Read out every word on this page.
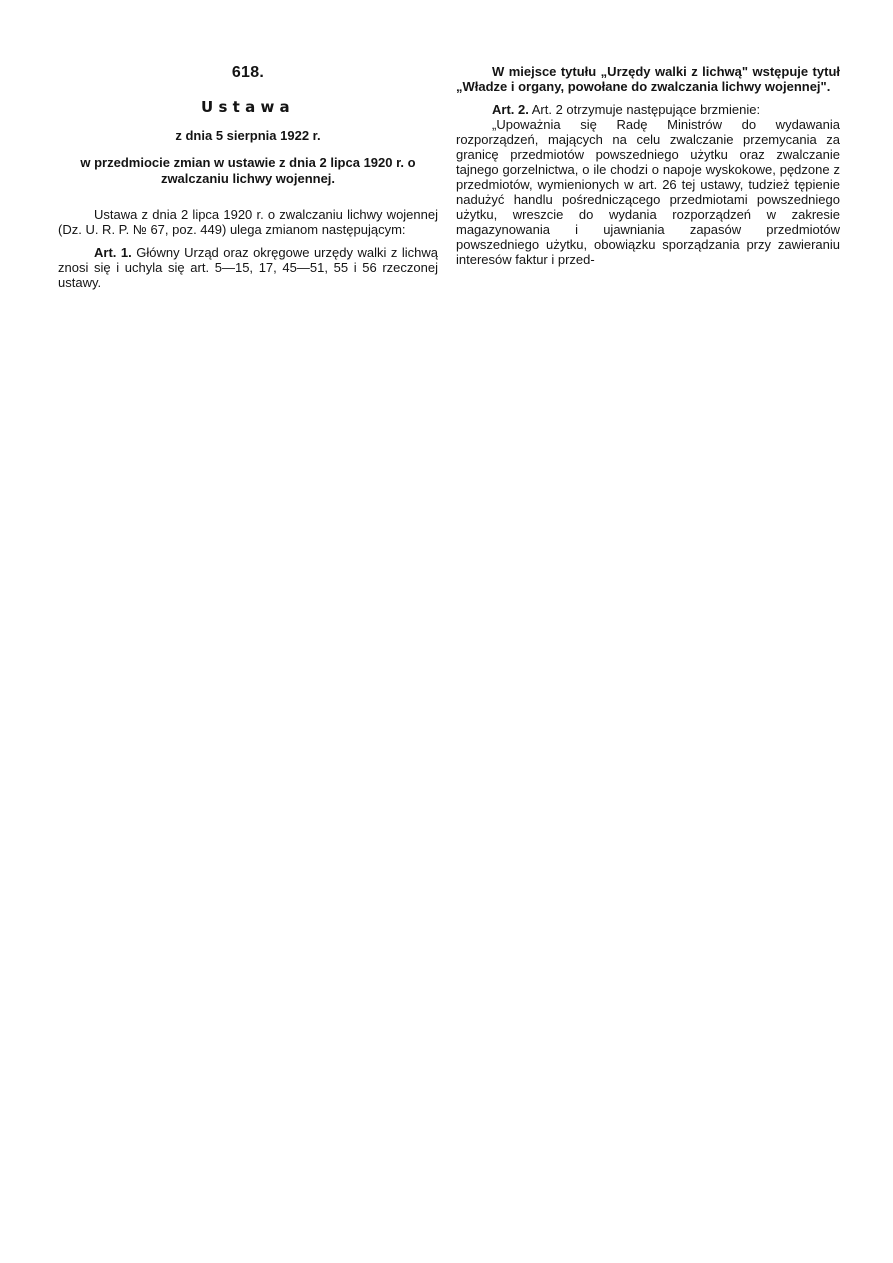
618.
Ustawa
z dnia 5 sierpnia 1922 r.
w przedmiocie zmian w ustawie z dnia 2 lipca 1920 r. o zwalczaniu lichwy wojennej.

Ustawa z dnia 2 lipca 1920 r. o zwalczaniu lichwy wojennej (Dz. U. R. P. № 67, poz. 449) ulega zmianom następującym:

Art. 1. Główny Urząd oraz okręgowe urzędy walki z lichwą znosi się i uchyla się art. 5—15, 17, 45—51, 55 i 56 rzeczonej ustawy.

W miejsce tytułu „Urzędy walki z lichwą" wstępuje tytuł „Władze i organy, powołane do zwalczania lichwy wojennej".

Art. 2. Art. 2 otrzymuje następujące brzmienie:

„Upoważnia się Radę Ministrów do wydawania rozporządzeń, mających na celu zwalczanie przemycania za granicę przedmiotów powszedniego użytku oraz zwalczanie tajnego gorzelnictwa, o ile chodzi o napoje wyskokowe, pędzone z przedmiotów, wymienionych w art. 26 tej ustawy, tudzież tępienie nadużyć handlu pośredniczącego przedmiotami powszedniego użytku, wreszcie do wydania rozporządzeń w zakresie magazynowania i ujawniania zapasów przedmiotów powszedniego użytku, obowiązku sporządzania przy zawieraniu interesów faktur i przed-
